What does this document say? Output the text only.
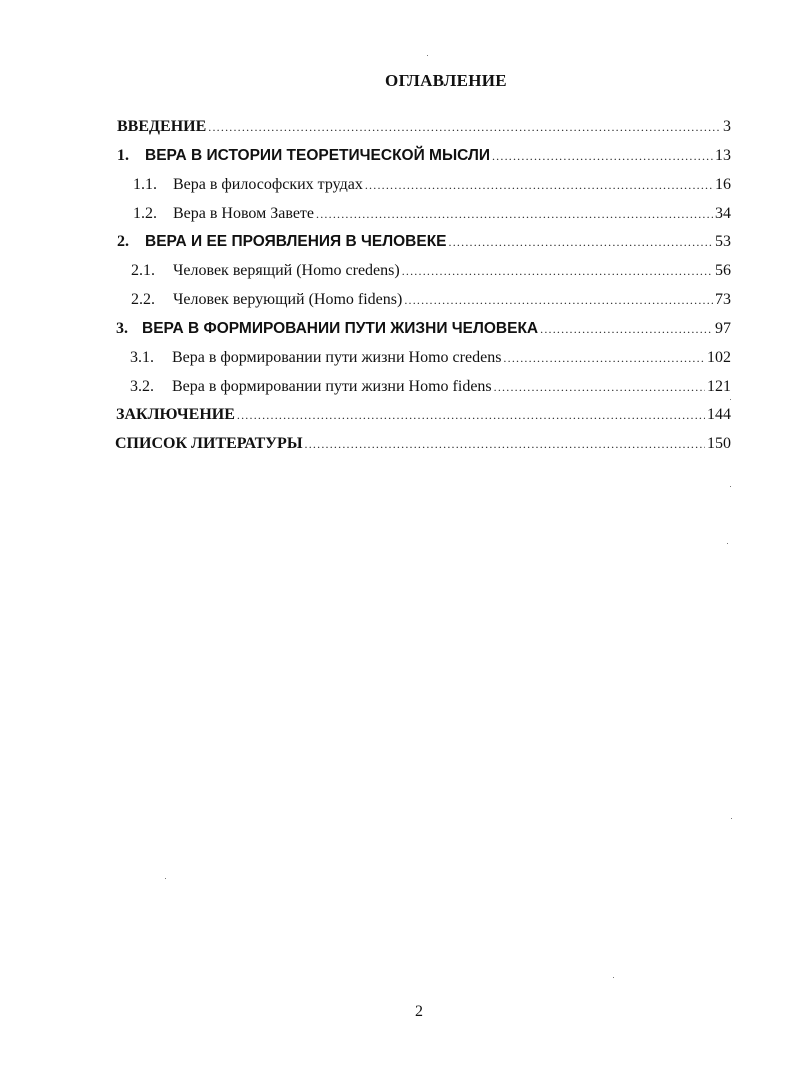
ОГЛАВЛЕНИЕ
ВВЕДЕНИЕ .....	3
1.	ВЕРА В ИСТОРИИ ТЕОРЕТИЧЕСКОЙ МЫСЛИ .....	13
1.1.	Вера в философских трудах .....	16
1.2.	Вера в Новом Завете .....	34
2.	ВЕРА И ЕЕ ПРОЯВЛЕНИЯ В ЧЕЛОВЕКЕ .....	53
2.1.	Человек верящий (Homo credens) .....	56
2.2.	Человек верующий (Homo fidens) .....	73
3. ВЕРА В ФОРМИРОВАНИИ ПУТИ ЖИЗНИ ЧЕЛОВЕКА .....	97
3.1.	Вера в формировании пути жизни Homo credens .....	102
3.2.	Вера в формировании пути жизни Homo fidens .....	121
ЗАКЛЮЧЕНИЕ .....	144
СПИСОК ЛИТЕРАТУРЫ .....	150
2
